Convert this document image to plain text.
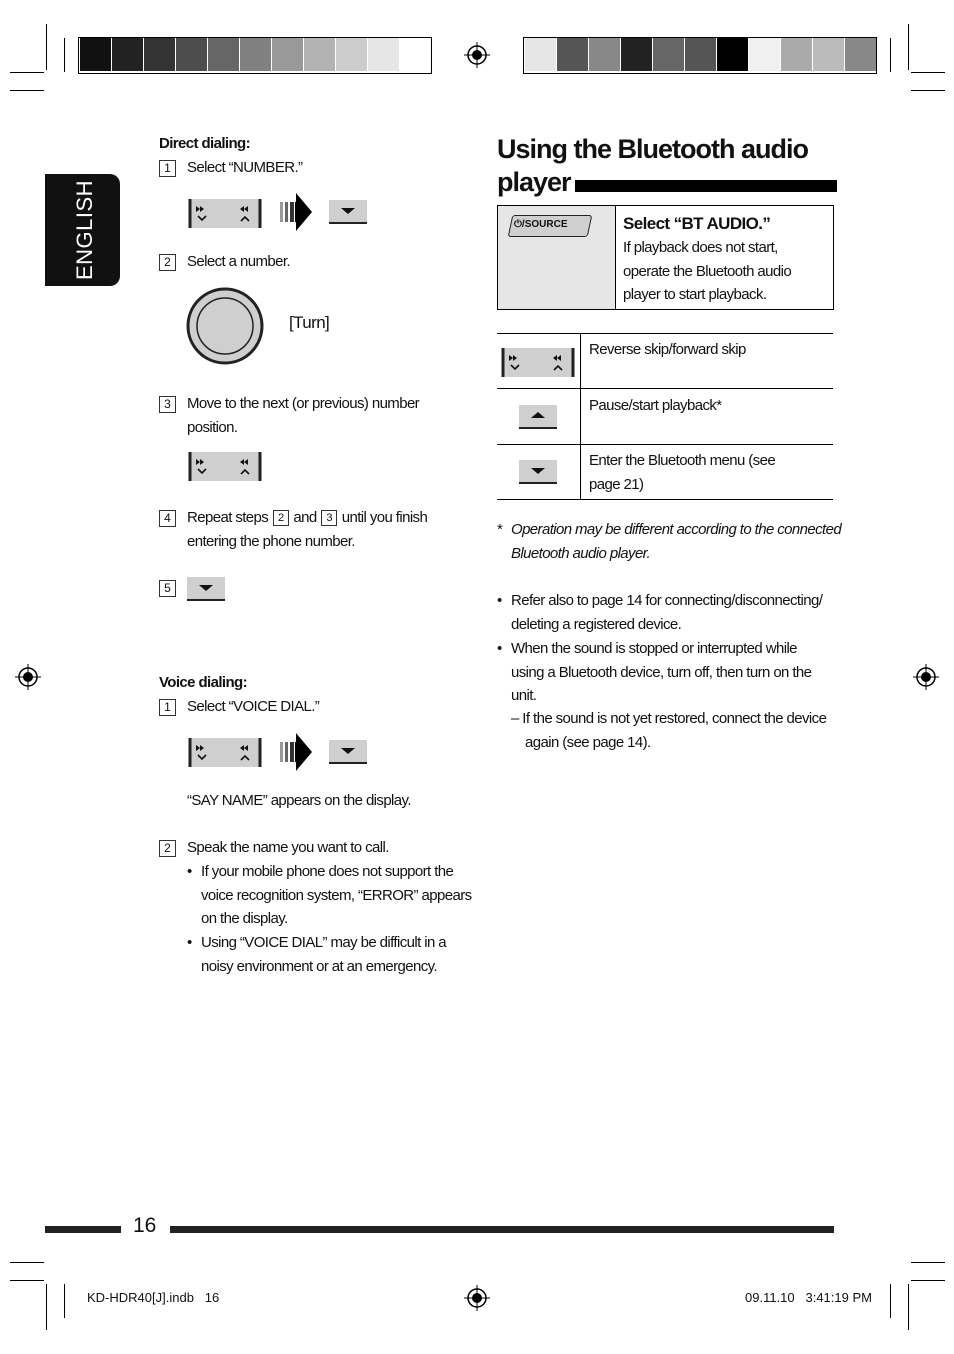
ENGLISH
Direct dialing:
1	Select “NUMBER.”
2	Select a number.
[Turn]
3	Move to the next (or previous) number
position.
4	Repeat steps 2 and 3 until you finish
entering the phone number.
5
Voice dialing:
1	Select “VOICE DIAL.”
“SAY NAME” appears on the display.
2	Speak the name you want to call.
• If your mobile phone does not support the
voice recognition system, “ERROR” appears
on the display.
• Using “VOICE DIAL” may be difficult in a
noisy environment or at an emergency.
Using the Bluetooth audio
player
⏻/SOURCE	Select “BT AUDIO.”
If playback does not start,
operate the Bluetooth audio
player to start playback.
Reverse skip/forward skip
Pause/start playback*
Enter the Bluetooth menu (see
page 21)
* Operation may be different according to the connected
Bluetooth audio player.
• Refer also to page 14 for connecting/disconnecting/
deleting a registered device.
• When the sound is stopped or interrupted while
using a Bluetooth device, turn off, then turn on the
unit.
– If the sound is not yet restored, connect the device
again (see page 14).
16
KD-HDR40[J].indb   16	09.11.10   3:41:19 PM
